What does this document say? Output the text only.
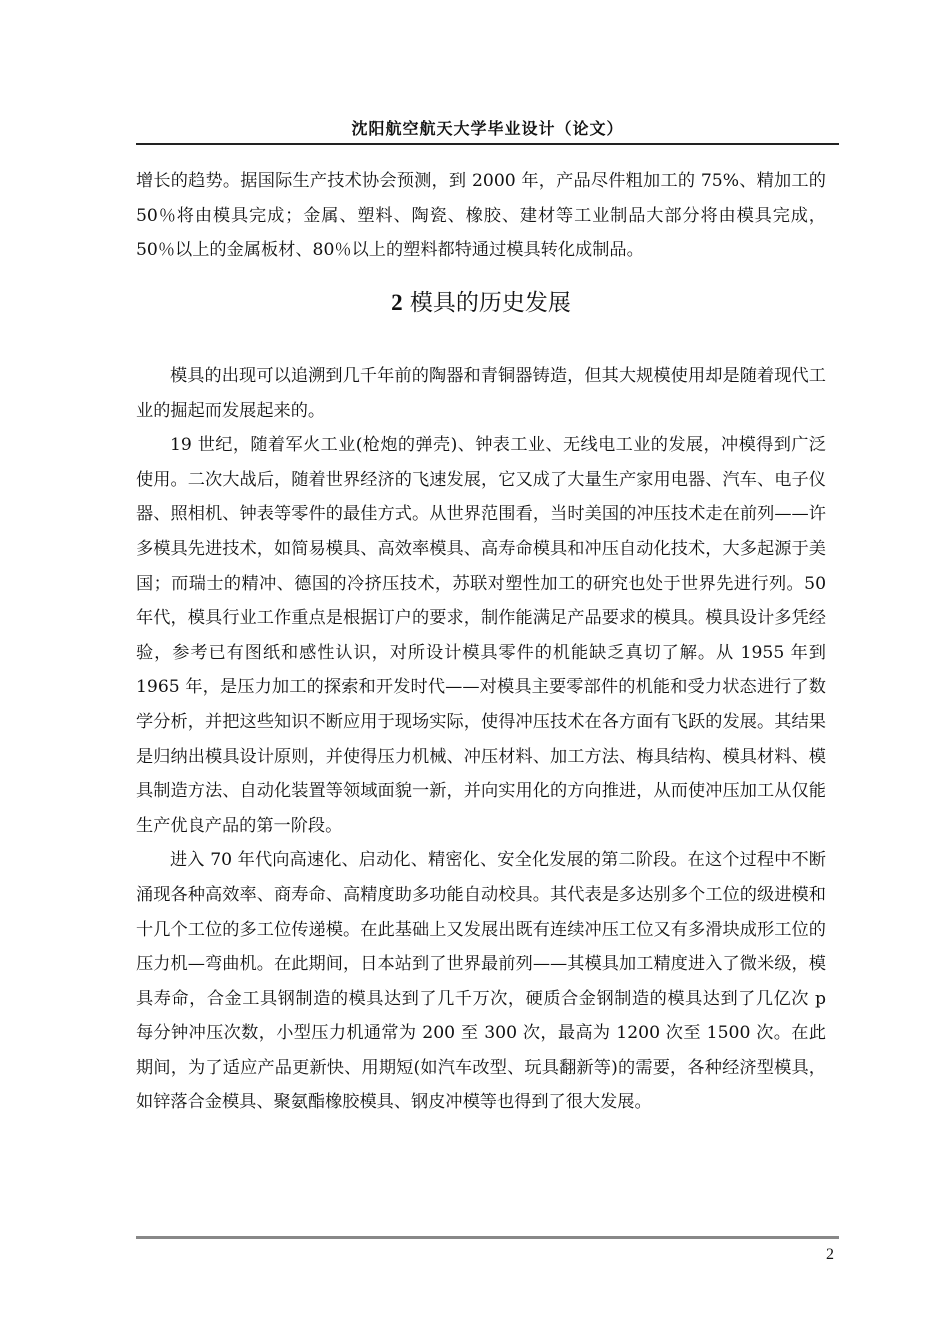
沈阳航空航天大学毕业设计（论文）

增长的趋势。据国际生产技术协会预测，到 2000 年，产品尽件粗加工的 75%、精加工的 50％将由模具完成；金属、塑料、陶瓷、橡胶、建材等工业制品大部分将由模具完成，50％以上的金属板材、80％以上的塑料都特通过模具转化成制品。

2 模具的历史发展

模具的出现可以追溯到几千年前的陶器和青铜器铸造，但其大规模使用却是随着现代工业的掘起而发展起来的。

19 世纪，随着军火工业(枪炮的弹壳)、钟表工业、无线电工业的发展，冲模得到广泛使用。二次大战后，随着世界经济的飞速发展，它又成了大量生产家用电器、汽车、电子仪器、照相机、钟表等零件的最佳方式。从世界范围看，当时美国的冲压技术走在前列——许多模具先进技术，如简易模具、高效率模具、高寿命模具和冲压自动化技术，大多起源于美国；而瑞士的精冲、德国的冷挤压技术，苏联对塑性加工的研究也处于世界先进行列。50 年代，模具行业工作重点是根据订户的要求，制作能满足产品要求的模具。模具设计多凭经验，参考已有图纸和感性认识，对所设计模具零件的机能缺乏真切了解。从 1955 年到 1965 年，是压力加工的探索和开发时代——对模具主要零部件的机能和受力状态进行了数学分析，并把这些知识不断应用于现场实际，使得冲压技术在各方面有飞跃的发展。其结果是归纳出模具设计原则，并使得压力机械、冲压材料、加工方法、梅具结构、模具材料、模具制造方法、自动化装置等领域面貌一新，并向实用化的方向推进，从而使冲压加工从仅能生产优良产品的第一阶段。

进入 70 年代向高速化、启动化、精密化、安全化发展的第二阶段。在这个过程中不断涌现各种高效率、商寿命、高精度助多功能自动校具。其代表是多达别多个工位的级进模和十几个工位的多工位传递模。在此基础上又发展出既有连续冲压工位又有多滑块成形工位的压力机—弯曲机。在此期间，日本站到了世界最前列——其模具加工精度进入了微米级，模具寿命，合金工具钢制造的模具达到了几千万次，硬质合金钢制造的模具达到了几亿次 p 每分钟冲压次数，小型压力机通常为 200 至 300 次，最高为 1200 次至 1500 次。在此期间，为了适应产品更新快、用期短(如汽车改型、玩具翻新等)的需要，各种经济型模具，如锌落合金模具、聚氨酯橡胶模具、钢皮冲模等也得到了很大发展。

2
